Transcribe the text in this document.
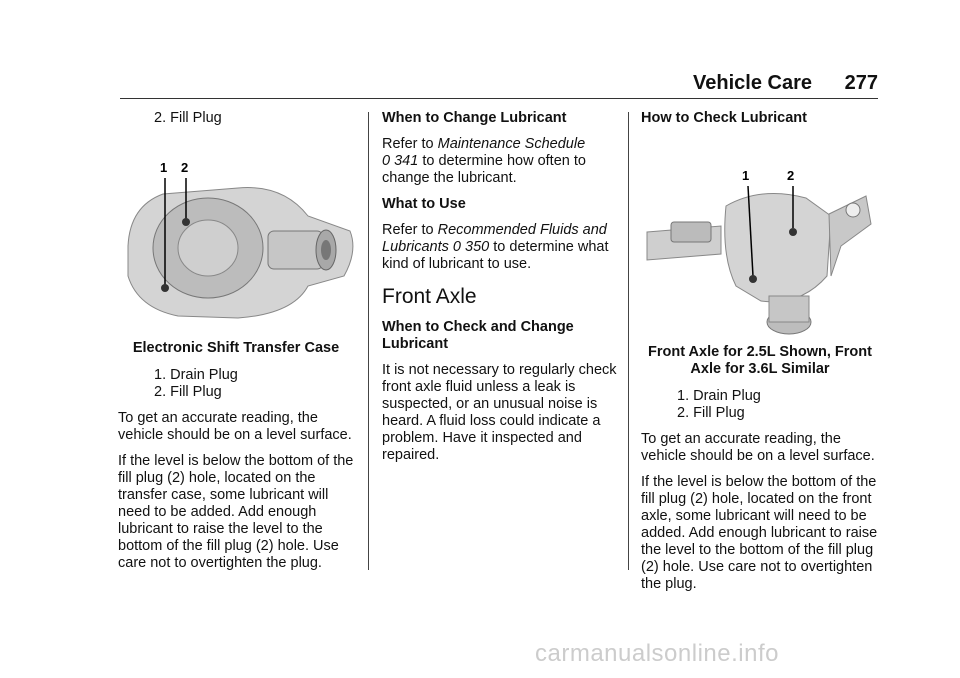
Vehicle Care 277
2. Fill Plug
1 2
Electronic Shift Transfer Case
1. Drain Plug
2. Fill Plug

To get an accurate reading, the vehicle should be on a level surface.

If the level is below the bottom of the fill plug (2) hole, located on the transfer case, some lubricant will need to be added. Add enough lubricant to raise the level to the bottom of the fill plug (2) hole. Use care not to overtighten the plug.

When to Change Lubricant

Refer to Maintenance Schedule
0 341 to determine how often to change the lubricant.

What to Use

Refer to Recommended Fluids and Lubricants 0 350 to determine what kind of lubricant to use.

Front Axle

When to Check and Change Lubricant

It is not necessary to regularly check front axle fluid unless a leak is suspected, or an unusual noise is heard. A fluid loss could indicate a problem. Have it inspected and repaired.

How to Check Lubricant

1	2
Front Axle for 2.5L Shown, Front Axle for 3.6L Similar
1. Drain Plug
2. Fill Plug

To get an accurate reading, the vehicle should be on a level surface.

If the level is below the bottom of the fill plug (2) hole, located on the front axle, some lubricant will need to be added. Add enough lubricant to raise the level to the bottom of the fill plug (2) hole. Use care not to overtighten the plug.

carmanualsonline.info
